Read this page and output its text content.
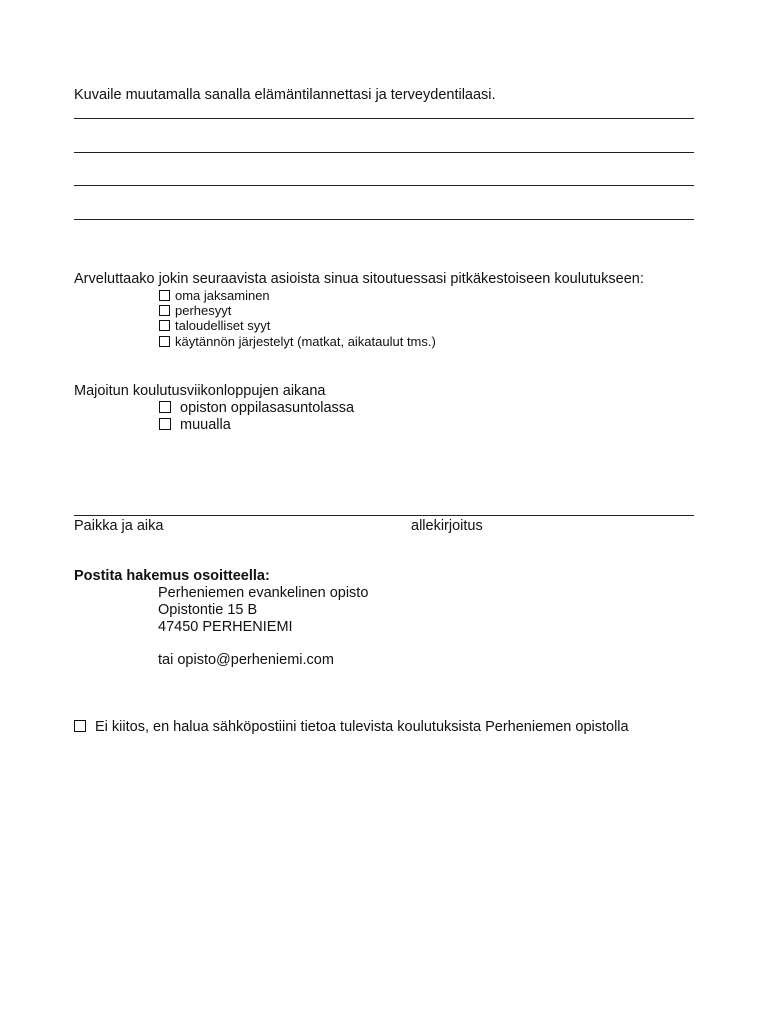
Kuvaile muutamalla sanalla elämäntilannettasi ja terveydentilaasi.
Arveluttaako jokin seuraavista asioista sinua sitoutuessasi pitkäkestoiseen koulutukseen:
oma jaksaminen
perhesyyt
taloudelliset syyt
käytännön järjestelyt (matkat, aikataulut tms.)
Majoitun koulutusviikonloppujen aikana
opiston oppilasasuntolassa
muualla
Paikka ja aika	allekirjoitus
Postita hakemus osoitteella:
Perheniemen evankelinen opisto
Opistontie 15 B
47450 PERHENIEMI
tai opisto@perheniemi.com
Ei kiitos, en halua sähköpostiini tietoa tulevista koulutuksista Perheniemen opistolla
